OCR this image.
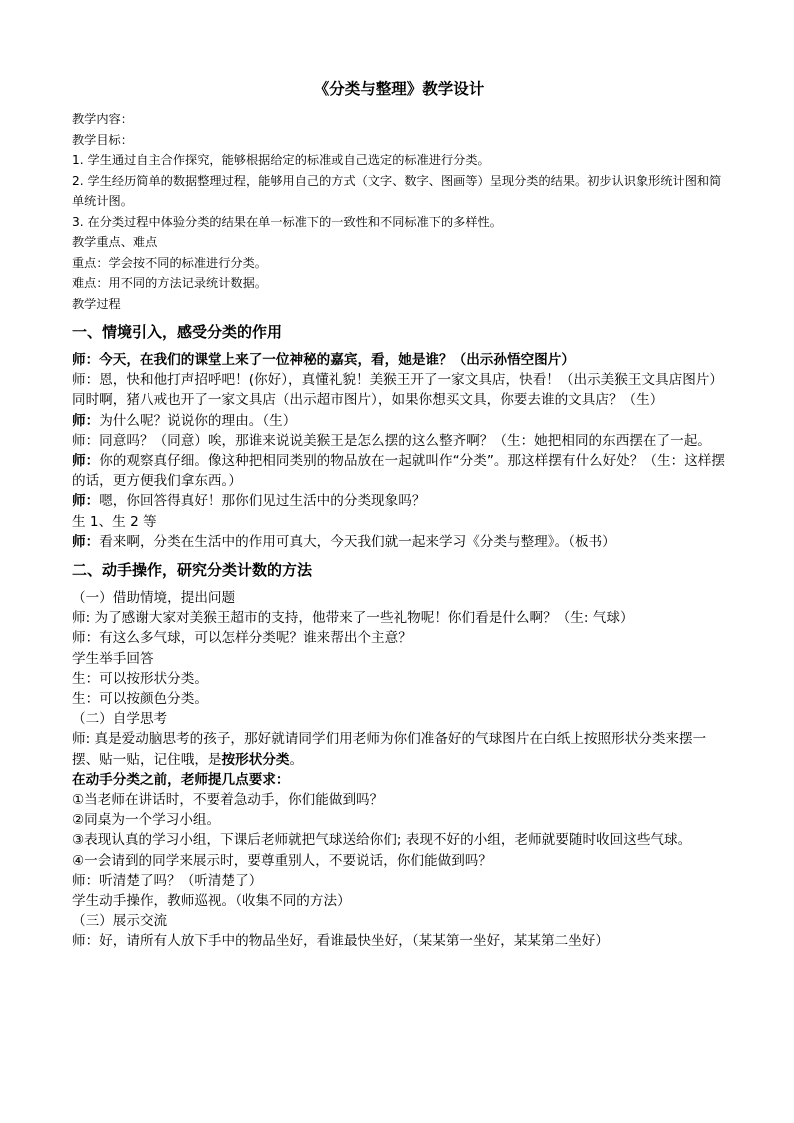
《分类与整理》教学设计

教学内容：

教学目标：

1. 学生通过自主合作探究，能够根据给定的标准或自己选定的标准进行分类。

2. 学生经历简单的数据整理过程，能够用自己的方式（文字、数字、图画等）呈现分类的结果。初步认识象形统计图和简单统计图。

3. 在分类过程中体验分类的结果在单一标准下的一致性和不同标准下的多样性。

教学重点、难点

重点：学会按不同的标准进行分类。

难点：用不同的方法记录统计数据。

教学过程

一、情境引入，感受分类的作用

师：今天，在我们的课堂上来了一位神秘的嘉宾，看，她是谁？（出示孙悟空图片）

师：恩，快和他打声招呼吧！(你好），真懂礼貌！美猴王开了一家文具店，快看！（出示美猴王文具店图片）同时啊，猪八戒也开了一家文具店（出示超市图片），如果你想买文具，你要去谁的文具店？（生）

师：为什么呢？说说你的理由。（生）

师：同意吗？（同意）唉，那谁来说说美猴王是怎么摆的这么整齐啊？（生：她把相同的东西摆在了一起。

师：你的观察真仔细。像这种把相同类别的物品放在一起就叫作“分类”。那这样摆有什么好处？（生：这样摆的话，更方便我们拿东西。）

师：嗯，你回答得真好！那你们见过生活中的分类现象吗？

生 1、生 2 等

师：看来啊，分类在生活中的作用可真大，今天我们就一起来学习《分类与整理》。（板书）

二、动手操作，研究分类计数的方法

（一）借助情境，提出问题

师: 为了感谢大家对美猴王超市的支持，他带来了一些礼物呢！你们看是什么啊？（生: 气球）

师：有这么多气球，可以怎样分类呢？谁来帮出个主意？

学生举手回答

生：可以按形状分类。

生：可以按颜色分类。

（二）自学思考

师: 真是爱动脑思考的孩子，那好就请同学们用老师为你们准备好的气球图片在白纸上按照形状分类来摆一摆、贴一贴，记住哦，是按形状分类。

在动手分类之前，老师提几点要求：

①当老师在讲话时，不要着急动手，你们能做到吗？

②同桌为一个学习小组。

③表现认真的学习小组，下课后老师就把气球送给你们; 表现不好的小组，老师就要随时收回这些气球。

④一会请到的同学来展示时，要尊重别人，不要说话，你们能做到吗？

师：听清楚了吗？（听清楚了）

学生动手操作，教师巡视。（收集不同的方法）

（三）展示交流

师：好，请所有人放下手中的物品坐好，看谁最快坐好，（某某第一坐好，某某第二坐好）
